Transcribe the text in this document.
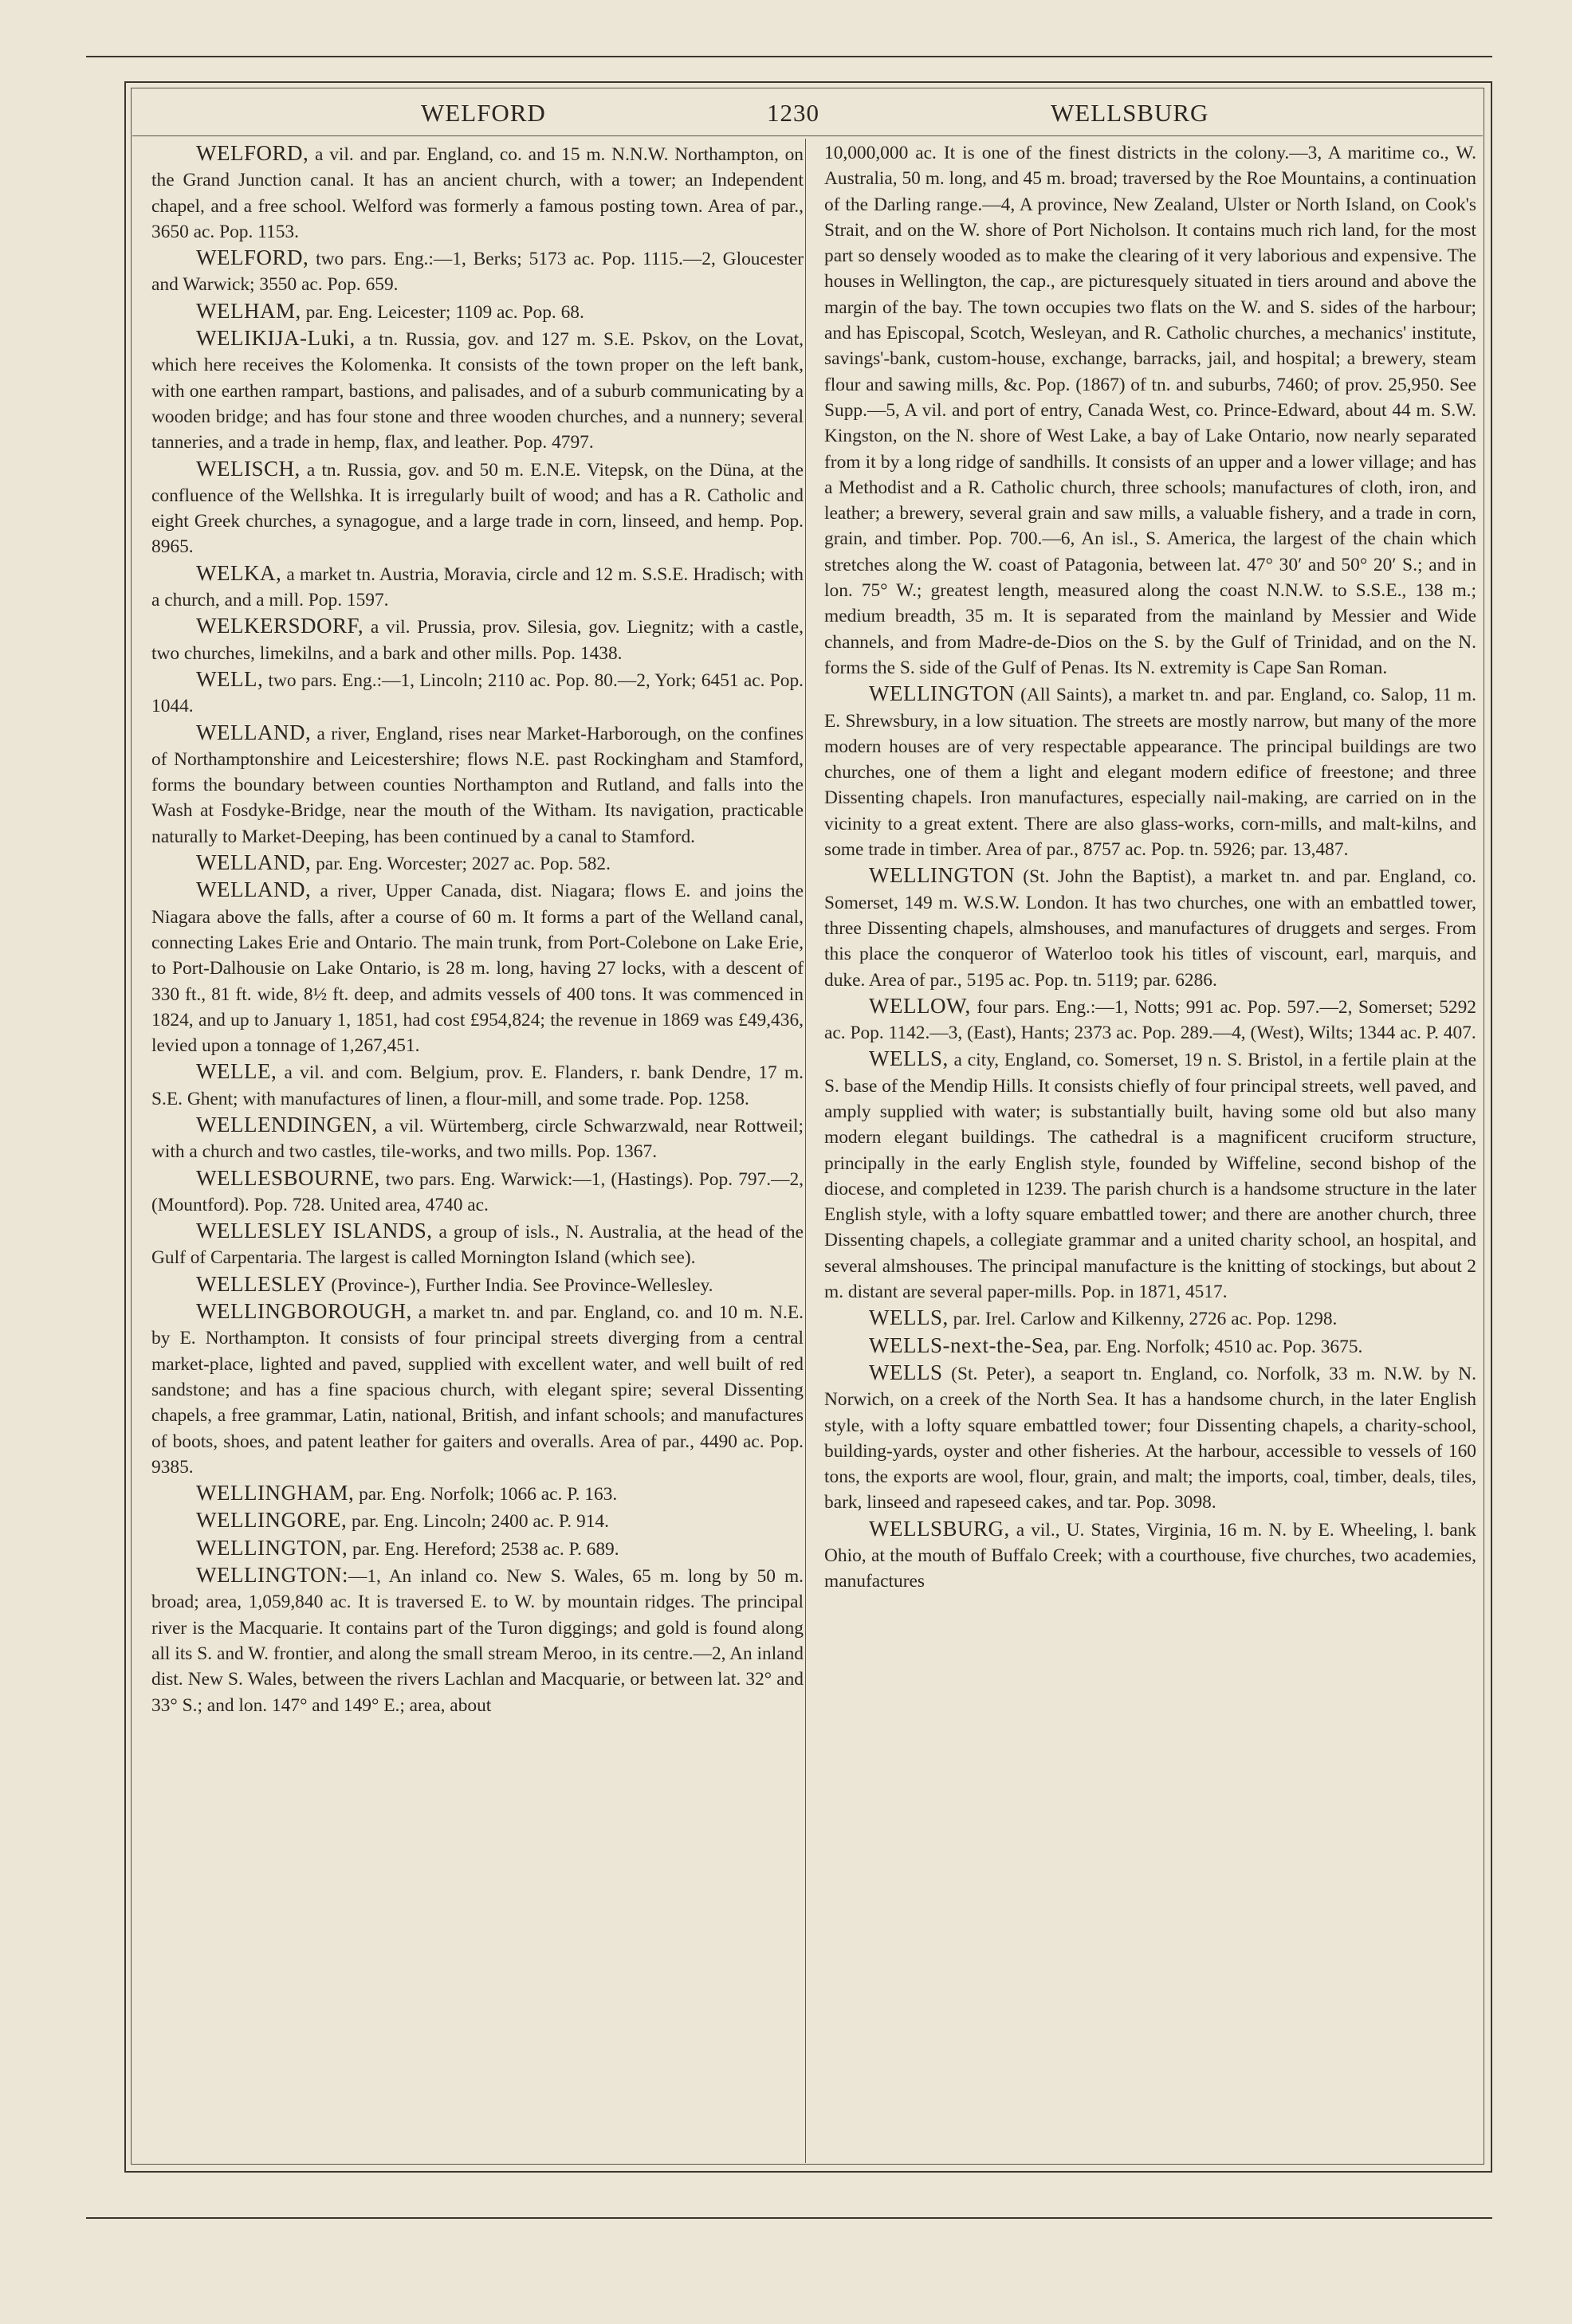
WELFORD	1230	WELLSBURG

WELFORD, a vil. and par. England, co. and 15 m. N.N.W. Northampton, on the Grand Junction canal. It has an ancient church, with a tower; an Independent chapel, and a free school. Welford was formerly a famous posting town. Area of par., 3650 ac. Pop. 1153.

WELFORD, two pars. Eng.:—1, Berks; 5173 ac. Pop. 1115.—2, Gloucester and Warwick; 3550 ac. Pop. 659.

WELHAM, par. Eng. Leicester; 1109 ac. Pop. 68.

WELIKIJA-Luki, a tn. Russia, gov. and 127 m. S.E. Pskov, on the Lovat, which here receives the Kolomenka. It consists of the town proper on the left bank, with one earthen rampart, bastions, and palisades, and of a suburb communicating by a wooden bridge; and has four stone and three wooden churches, and a nunnery; several tanneries, and a trade in hemp, flax, and leather. Pop. 4797.

WELISCH, a tn. Russia, gov. and 50 m. E.N.E. Vitepsk, on the Düna, at the confluence of the Wellshka. It is irregularly built of wood; and has a R. Catholic and eight Greek churches, a synagogue, and a large trade in corn, linseed, and hemp. Pop. 8965.

WELKA, a market tn. Austria, Moravia, circle and 12 m. S.S.E. Hradisch; with a church, and a mill. Pop. 1597.

WELKERSDORF, a vil. Prussia, prov. Silesia, gov. Liegnitz; with a castle, two churches, limekilns, and a bark and other mills. Pop. 1438.

WELL, two pars. Eng.:—1, Lincoln; 2110 ac. Pop. 80.—2, York; 6451 ac. Pop. 1044.

WELLAND, a river, England, rises near Market-Harborough, on the confines of Northamptonshire and Leicestershire; flows N.E. past Rockingham and Stamford, forms the boundary between counties Northampton and Rutland, and falls into the Wash at Fosdyke-Bridge, near the mouth of the Witham. Its navigation, practicable naturally to Market-Deeping, has been continued by a canal to Stamford.

WELLAND, par. Eng. Worcester; 2027 ac. Pop. 582.

WELLAND, a river, Upper Canada, dist. Niagara; flows E. and joins the Niagara above the falls, after a course of 60 m. It forms a part of the Welland canal, connecting Lakes Erie and Ontario. The main trunk, from Port-Colebone on Lake Erie, to Port-Dalhousie on Lake Ontario, is 28 m. long, having 27 locks, with a descent of 330 ft., 81 ft. wide, 8½ ft. deep, and admits vessels of 400 tons. It was commenced in 1824, and up to January 1, 1851, had cost £954,824; the revenue in 1869 was £49,436, levied upon a tonnage of 1,267,451.

WELLE, a vil. and com. Belgium, prov. E. Flanders, r. bank Dendre, 17 m. S.E. Ghent; with manufactures of linen, a flour-mill, and some trade. Pop. 1258.

WELLENDINGEN, a vil. Würtemberg, circle Schwarzwald, near Rottweil; with a church and two castles, tile-works, and two mills. Pop. 1367.

WELLESBOURNE, two pars. Eng. Warwick:—1, (Hastings). Pop. 797.—2, (Mountford). Pop. 728. United area, 4740 ac.

WELLESLEY ISLANDS, a group of isls., N. Australia, at the head of the Gulf of Carpentaria. The largest is called Mornington Island (which see).

WELLESLEY (Province-), Further India. See Province-Wellesley.

WELLINGBOROUGH, a market tn. and par. England, co. and 10 m. N.E. by E. Northampton. It consists of four principal streets diverging from a central market-place, lighted and paved, supplied with excellent water, and well built of red sandstone; and has a fine spacious church, with elegant spire; several Dissenting chapels, a free grammar, Latin, national, British, and infant schools; and manufactures of boots, shoes, and patent leather for gaiters and overalls. Area of par., 4490 ac. Pop. 9385.

WELLINGHAM, par. Eng. Norfolk; 1066 ac. P. 163.

WELLINGORE, par. Eng. Lincoln; 2400 ac. P. 914.

WELLINGTON, par. Eng. Hereford; 2538 ac. P. 689.

WELLINGTON:—1, An inland co. New S. Wales, 65 m. long by 50 m. broad; area, 1,059,840 ac. It is traversed E. to W. by mountain ridges. The principal river is the Macquarie. It contains part of the Turon diggings; and gold is found along all its S. and W. frontier, and along the small stream Meroo, in its centre.—2, An inland dist. New S. Wales, between the rivers Lachlan and Macquarie, or between lat. 32° and 33° S.; and lon. 147° and 149° E.; area, about

10,000,000 ac. It is one of the finest districts in the colony.—3, A maritime co., W. Australia, 50 m. long, and 45 m. broad; traversed by the Roe Mountains, a continuation of the Darling range.—4, A province, New Zealand, Ulster or North Island, on Cook's Strait, and on the W. shore of Port Nicholson. It contains much rich land, for the most part so densely wooded as to make the clearing of it very laborious and expensive. The houses in Wellington, the cap., are picturesquely situated in tiers around and above the margin of the bay. The town occupies two flats on the W. and S. sides of the harbour; and has Episcopal, Scotch, Wesleyan, and R. Catholic churches, a mechanics' institute, savings'-bank, custom-house, exchange, barracks, jail, and hospital; a brewery, steam flour and sawing mills, &c. Pop. (1867) of tn. and suburbs, 7460; of prov. 25,950. See Supp.—5, A vil. and port of entry, Canada West, co. Prince-Edward, about 44 m. S.W. Kingston, on the N. shore of West Lake, a bay of Lake Ontario, now nearly separated from it by a long ridge of sandhills. It consists of an upper and a lower village; and has a Methodist and a R. Catholic church, three schools; manufactures of cloth, iron, and leather; a brewery, several grain and saw mills, a valuable fishery, and a trade in corn, grain, and timber. Pop. 700.—6, An isl., S. America, the largest of the chain which stretches along the W. coast of Patagonia, between lat. 47° 30′ and 50° 20′ S.; and in lon. 75° W.; greatest length, measured along the coast N.N.W. to S.S.E., 138 m.; medium breadth, 35 m. It is separated from the mainland by Messier and Wide channels, and from Madre-de-Dios on the S. by the Gulf of Trinidad, and on the N. forms the S. side of the Gulf of Penas. Its N. extremity is Cape San Roman.

WELLINGTON (All Saints), a market tn. and par. England, co. Salop, 11 m. E. Shrewsbury, in a low situation. The streets are mostly narrow, but many of the more modern houses are of very respectable appearance. The principal buildings are two churches, one of them a light and elegant modern edifice of freestone; and three Dissenting chapels. Iron manufactures, especially nail-making, are carried on in the vicinity to a great extent. There are also glass-works, corn-mills, and malt-kilns, and some trade in timber. Area of par., 8757 ac. Pop. tn. 5926; par. 13,487.

WELLINGTON (St. John the Baptist), a market tn. and par. England, co. Somerset, 149 m. W.S.W. London. It has two churches, one with an embattled tower, three Dissenting chapels, almshouses, and manufactures of druggets and serges. From this place the conqueror of Waterloo took his titles of viscount, earl, marquis, and duke. Area of par., 5195 ac. Pop. tn. 5119; par. 6286.

WELLOW, four pars. Eng.:—1, Notts; 991 ac. Pop. 597.—2, Somerset; 5292 ac. Pop. 1142.—3, (East), Hants; 2373 ac. Pop. 289.—4, (West), Wilts; 1344 ac. P. 407.

WELLS, a city, England, co. Somerset, 19 n. S. Bristol, in a fertile plain at the S. base of the Mendip Hills. It consists chiefly of four principal streets, well paved, and amply supplied with water; is substantially built, having some old but also many modern elegant buildings. The cathedral is a magnificent cruciform structure, principally in the early English style, founded by Wiffeline, second bishop of the diocese, and completed in 1239. The parish church is a handsome structure in the later English style, with a lofty square embattled tower; and there are another church, three Dissenting chapels, a collegiate grammar and a united charity school, an hospital, and several almshouses. The principal manufacture is the knitting of stockings, but about 2 m. distant are several paper-mills. Pop. in 1871, 4517.

WELLS, par. Irel. Carlow and Kilkenny, 2726 ac. Pop. 1298.

WELLS-next-the-Sea, par. Eng. Norfolk; 4510 ac. Pop. 3675.

WELLS (St. Peter), a seaport tn. England, co. Norfolk, 33 m. N.W. by N. Norwich, on a creek of the North Sea. It has a handsome church, in the later English style, with a lofty square embattled tower; four Dissenting chapels, a charity-school, building-yards, oyster and other fisheries. At the harbour, accessible to vessels of 160 tons, the exports are wool, flour, grain, and malt; the imports, coal, timber, deals, tiles, bark, linseed and rapeseed cakes, and tar. Pop. 3098.

WELLSBURG, a vil., U. States, Virginia, 16 m. N. by E. Wheeling, l. bank Ohio, at the mouth of Buffalo Creek; with a courthouse, five churches, two academies, manufactures
